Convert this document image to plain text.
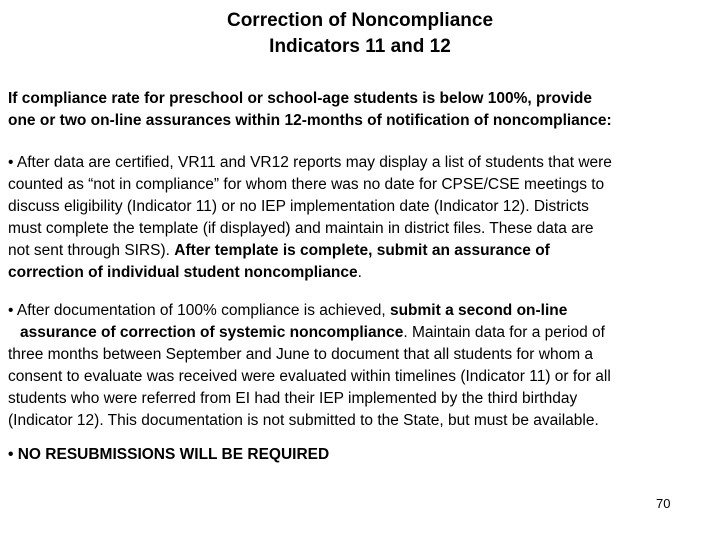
Correction of Noncompliance
Indicators 11 and 12
If compliance rate for preschool or school-age students is below 100%, provide
one or two on-line assurances within 12-months of notification of noncompliance:
• After data are certified, VR11 and VR12 reports may display a list of students that were
counted as “not in compliance” for whom there was no date for CPSE/CSE meetings to
discuss eligibility (Indicator 11) or no IEP implementation date (Indicator 12). Districts
must complete the template (if displayed) and maintain in district files. These data are
not sent through SIRS). After template is complete, submit an assurance of
correction of individual student noncompliance.
• After documentation of 100% compliance is achieved, submit a second on-line
assurance of correction of systemic noncompliance. Maintain data for a period of
three months between September and June to document that all students for whom a
consent to evaluate was received were evaluated within timelines (Indicator 11) or for all
students who were referred from EI had their IEP implemented by the third birthday
(Indicator 12). This documentation is not submitted to the State, but must be available.
• NO RESUBMISSIONS WILL BE REQUIRED
70
